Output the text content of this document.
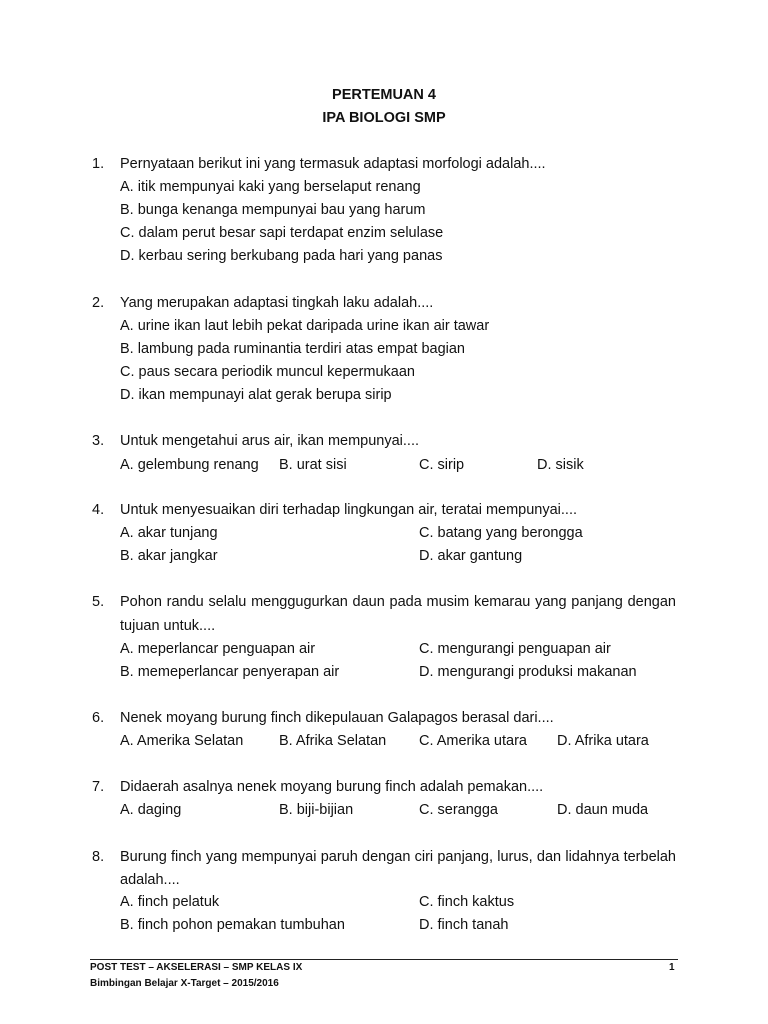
PERTEMUAN 4
IPA BIOLOGI SMP
1. Pernyataan berikut ini yang termasuk adaptasi morfologi adalah....
A. itik mempunyai kaki yang berselaput renang
B. bunga kenanga mempunyai bau yang harum
C. dalam perut besar sapi terdapat enzim selulase
D. kerbau sering berkubang pada hari yang panas
2. Yang merupakan adaptasi tingkah laku adalah....
A. urine ikan laut lebih pekat daripada urine ikan air tawar
B. lambung pada ruminantia terdiri atas empat bagian
C. paus secara periodik muncul kepermukaan
D. ikan mempunayi alat gerak berupa sirip
3. Untuk mengetahui arus air, ikan mempunyai....
A. gelembung renang B. urat sisi	C. sirip	D. sisik
4. Untuk menyesuaikan diri terhadap lingkungan air, teratai mempunyai....
A. akar tunjang	C. batang yang berongga
B. akar jangkar	D. akar gantung
5. Pohon randu selalu menggugurkan daun pada musim kemarau yang panjang dengan
tujuan untuk....
A. meperlancar penguapan air	C. mengurangi penguapan air
B. memeperlancar penyerapan air	D. mengurangi produksi makanan
6. Nenek moyang burung finch dikepulauan Galapagos berasal dari....
A. Amerika Selatan B. Afrika Selatan C. Amerika utara D. Afrika utara
7. Didaerah asalnya nenek moyang burung finch adalah pemakan....
A. daging	B. biji-bijian	C. serangga	D. daun muda
8. Burung finch yang mempunyai paruh dengan ciri panjang, lurus, dan lidahnya terbelah
adalah....
A. finch pelatuk	C. finch kaktus
B. finch pohon pemakan tumbuhan	D. finch tanah
POST TEST – AKSELERASI – SMP KELAS IX	1
Bimbingan Belajar X-Target – 2015/2016
